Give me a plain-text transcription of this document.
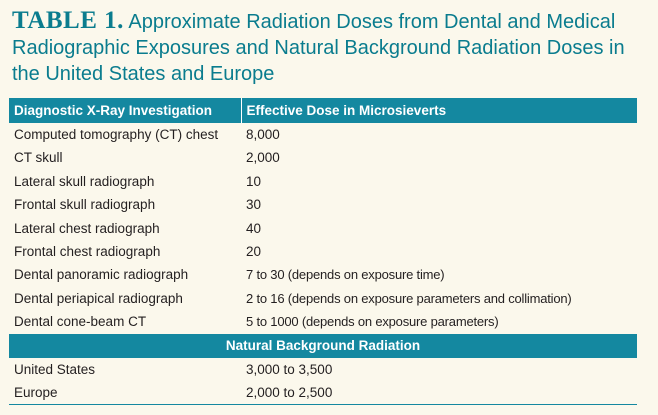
TABLE 1. Approximate Radiation Doses from Dental and Medical Radiographic Exposures and Natural Background Radiation Doses in the United States and Europe
Diagnostic X-Ray Investigation	Effective Dose in Microsieverts
Computed tomography (CT) chest	8,000
CT skull	2,000
Lateral skull radiograph	10
Frontal skull radiograph	30
Lateral chest radiograph	40
Frontal chest radiograph	20
Dental panoramic radiograph	7 to 30 (depends on exposure time)
Dental periapical radiograph	2 to 16 (depends on exposure parameters and collimation)
Dental cone-beam CT	5 to 1000 (depends on exposure parameters)
Natural Background Radiation	
United States	3,000 to 3,500
Europe	2,000 to 2,500
